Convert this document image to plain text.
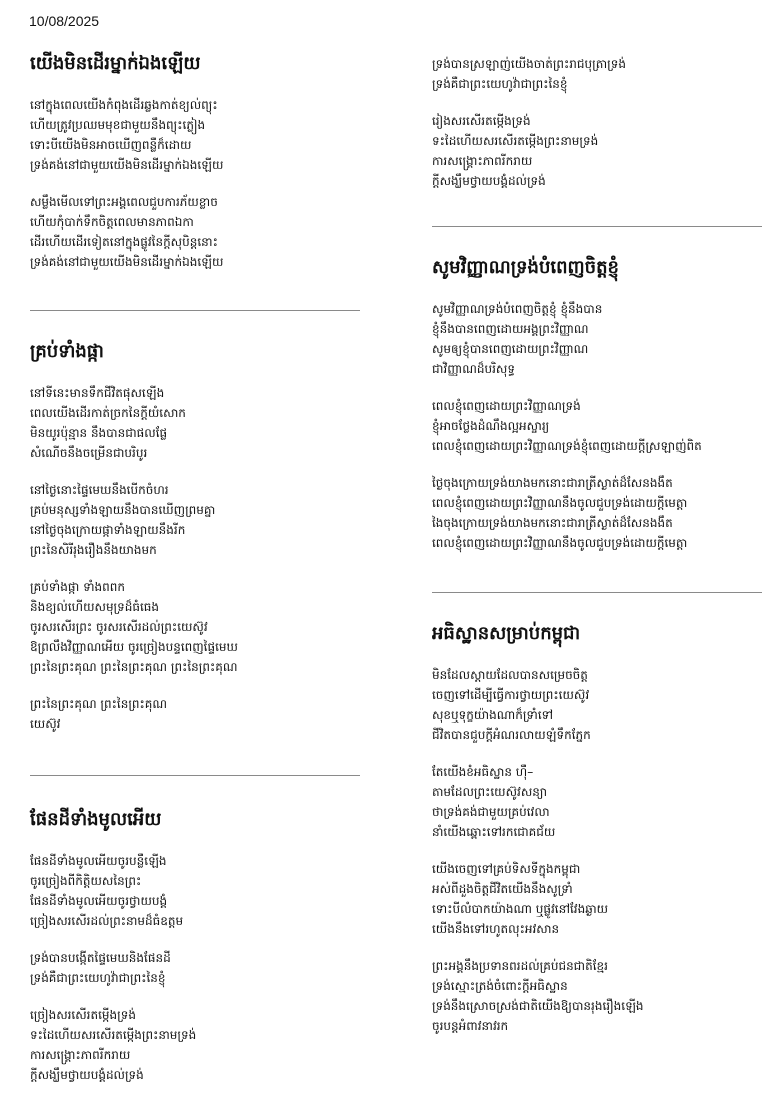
10/08/2025
យើងមិនដើរម្នាក់ឯងឡើយ
នៅក្នុងពេលយើងកំពុងដើរឆ្លងកាត់ខ្យល់ព្យុះ
ហើយត្រូវប្រឈមមុខជាមួយនឹងព្យុះភ្លៀង
ទោះបីយើងមិនអាចឃើញពន្លឺក៏ដោយ
ទ្រង់គង់នៅជាមួយយើងមិនដើរម្នាក់ឯងឡើយ
សម្លឹងមើលទៅព្រះអង្គពេលជួបការភ័យខ្លាច
ហើយកុំបាក់ទឹកចិត្តពេលមានភាពឯកា
ដើរហើយដើរទៀតនៅក្នុងផ្លូវនៃក្តីសុបិន្តនោះ
ទ្រង់គង់នៅជាមួយយើងមិនដើរម្នាក់ឯងឡើយ
គ្រប់ទាំងផ្កា
នៅទីនេះមានទឹកជីវិតផុសឡើង
ពេលយើងដើរកាត់ច្រកនៃក្តីយំសោក
មិនយូរប៉ុន្មាន នឹងបានជាផលផ្លែ
សំណើចនឹងចម្រើនជាបរិបូរ
នៅថ្ងៃនោះផ្ទៃមេឃនឹងបើកចំហរ
គ្រប់មនុស្សទាំងឡាយនឹងបានឃើញព្រមគ្នា
នៅថ្ងៃចុងក្រោយផ្កាទាំងឡាយនឹងរីក
ព្រះនៃសិរីរុងរឿងនឹងយាងមក
គ្រប់ទាំងផ្កា ទាំងពពក
និងខ្យល់ហើយសមុទ្រដ៏ធំធេង
ចូរសរសើរព្រះ ចូរសរសើរដល់ព្រះយេស៊ូវ
ឱព្រលឹងវិញ្ញាណអើយ ចូរច្រៀងបន្ទពេញផ្ទៃមេឃ
ព្រះនៃព្រះគុណ ព្រះនៃព្រះគុណ ព្រះនៃព្រះគុណ
ព្រះនៃព្រះគុណ ព្រះនៃព្រះគុណ
យេស៊ូវ
ផែនដីទាំងមូលអើយ
ផែនដីទាំងមូលអើយចូរបន្លឺឡើង
ចូរច្រៀងពីកិត្តិយសនៃព្រះ
ផែនដីទាំងមូលអើយចូរថ្វាយបង្គំ
ច្រៀងសរសើរដល់ព្រះនាមដ៏ធំឧត្តម
ទ្រង់បានបង្កើតផ្ទៃមេឃនិងផែនដី
ទ្រង់គឺជាព្រះយេហូវ៉ាជាព្រះនៃខ្ញុំ
ច្រៀងសរសើរតម្កើងទ្រង់
ទះដៃហើយសរសើរតម្កើងព្រះនាមទ្រង់
ការសង្គ្រោះភាពរីករាយ
ក្តីសង្ឃឹមថ្វាយបង្គំដល់ទ្រង់
ទ្រង់បានស្រឡាញ់យើងចាត់ព្រះរាជបុត្រាទ្រង់
ទ្រង់គឺជាព្រះយេហូវ៉ាជាព្រះនៃខ្ញុំ
រៀងសរសើរតម្កើងទ្រង់
ទះដៃហើយសរសើរតម្កើងព្រះនាមទ្រង់
ការសង្គ្រោះភាពរីករាយ
ក្តីសង្ឃឹមថ្វាយបង្គំដល់ទ្រង់
សូមវិញ្ញាណទ្រង់បំពេញចិត្តខ្ញុំ
សូមវិញ្ញាណទ្រង់បំពេញចិត្តខ្ញុំ ខ្ញុំនឹងបាន
ខ្ញុំនឹងបានពេញដោយអង្គព្រះវិញ្ញាណ
សូមឲ្យខ្ញុំបានពេញដោយព្រះវិញ្ញាណ
ជាវិញ្ញាណដ៏បរិសុទ្ធ
ពេលខ្ញុំពេញដោយព្រះវិញ្ញាណទ្រង់
ខ្ញុំអាចថ្លែងដំណឹងល្អអស្ចារ្យ
ពេលខ្ញុំពេញដោយព្រះវិញ្ញាណទ្រង់ខ្ញុំពេញដោយក្តីស្រឡាញ់ពិត
ថ្ងៃចុងក្រោយទ្រង់យាងមកនោះជារាត្រីស្ងាត់ដ៏សែនងងឹត
ពេលខ្ញុំពេញដោយព្រះវិញ្ញាណនឹងចូលជួបទ្រង់ដោយក្តីមេត្តា
ងៃចុងក្រោយទ្រង់យាងមកនោះជារាត្រីស្ងាត់ដ៏សែនងងឹត
ពេលខ្ញុំពេញដោយព្រះវិញ្ញាណនឹងចូលជួបទ្រង់ដោយក្តីមេត្តា
អធិស្ឋានសម្រាប់កម្ពុជា
មិនដែលស្តាយដែលបានសម្រេចចិត្ត
ចេញទៅដើម្បីធ្វើការថ្វាយព្រះយេស៊ូវ
សុខឬទុក្ខយ៉ាងណាក៏ទ្រាំទៅ
ជីវិតបានជួបក្តីអំណរលាយឡំទឹកភ្នែក
តែយើងខំអធិស្ឋាន ហ៊ឺ–
តាមដែលព្រះយេស៊ូវសន្យា
ថាទ្រង់គង់ជាមួយគ្រប់វេលា
នាំយើងឆ្ពោះទៅរកជោគជ័យ
យើងចេញទៅគ្រប់ទិសទីក្នុងកម្ពុជា
អស់ពីដួងចិត្តជីវិតយើងនឹងសូទ្រាំ
ទោះបីលំបាកយ៉ាងណា ឬផ្លូវនៅវែងឆ្ងាយ
យើងនឹងទៅរហូតលុះអវសាន
ព្រះអង្គនឹងប្រទានពរដល់គ្រប់ជនជាតិខ្មែរ
ទ្រង់ស្មោះត្រង់ចំពោះក្តីអធិស្ឋាន
ទ្រង់នឹងស្រោចស្រង់ជាតិយើងឱ្យបានរុងរឿងឡើង
ចូរបន្តអំពាវនាវរក
